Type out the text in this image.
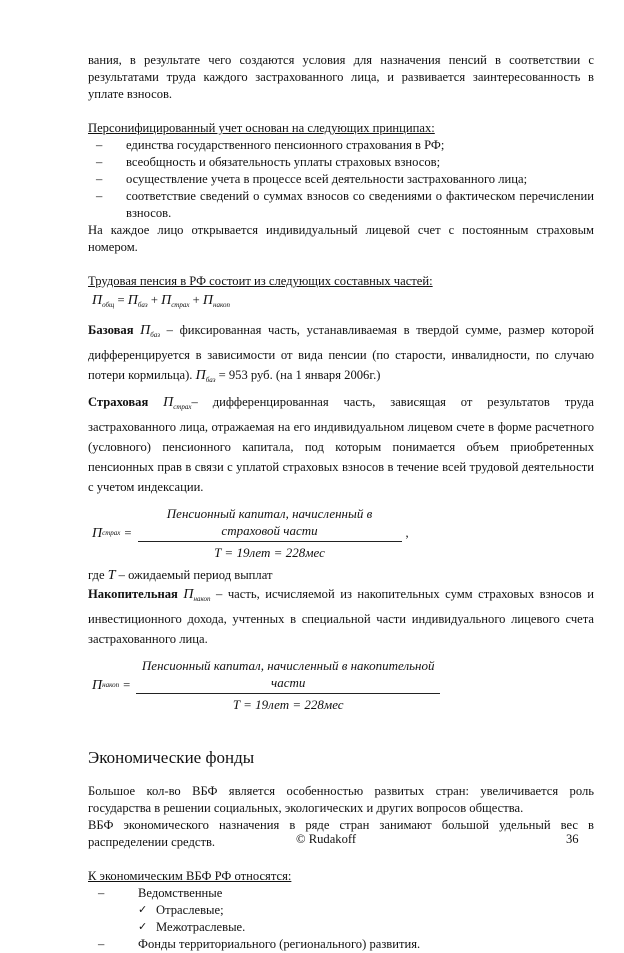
вания, в результате чего создаются условия для назначения пенсий в соответствии с результатами труда каждого застрахованного лица, и развивается заинтересованность в уплате взносов.

Персонифицированный учет основан на следующих принципах:

– единства государственного пенсионного страхования в РФ;
– всеобщность и обязательность уплаты страховых взносов;
– осуществление учета в процессе всей деятельности застрахованного лица;
– соответствие сведений о суммах взносов со сведениями о фактическом перечислении взносов.

На каждое лицо открывается индивидуальный лицевой счет с постоянным страховым номером.

Трудовая пенсия в РФ состоит из следующих составных частей:

$П_{общ} = П_{баз} + П_{страх} + П_{накоп}$

Базовая $П_{баз}$ – фиксированная часть, устанавливаемая в твердой сумме, размер которой дифференцируется в зависимости от вида пенсии (по старости, инвалидности, по случаю потери кормильца). $П_{баз} = 953$ руб. (на 1 января 2006г.)

Страховая $П_{страх}-$ дифференцированная часть, зависящая от результатов труда застрахованного лица, отражаемая на его индивидуальном лицевом счете в форме расчетного (условного) пенсионного капитала, под которым понимается объем приобретенных пенсионных прав в связи с уплатой страховых взносов в течение всей трудовой деятельности с учетом индексации.

П страх = $\frac{\text{Пенсионный капитал, начисленный в страховой части}}{\text{T = 19лет = 228мес}}$ ,

где T – ожидаемый период выплат

Накопительная $П_{накоп}$ – часть, исчисляемой из накопительных сумм страховых взносов и инвестиционного дохода, учтенных в специальной части индивидуального лицевого счета застрахованного лица.

П накоп = $\frac{\text{Пенсионный капитал, начисленный в накопительной части}}{\text{T = 19лет = 228мес}}$
Экономические фонды

Большое кол-во ВБФ является особенностью развитых стран: увеличивается роль государства в решении социальных, экологических и других вопросов общества.

ВБФ экономического назначения в ряде стран занимают большой удельный вес в распределении средств.

К экономическим ВБФ РФ относятся:

–	Ведомственные
✓ Отраслевые;
✓ Межотраслевые.
–	Фонды территориального (регионального) развития.
© Rudakoff	36
